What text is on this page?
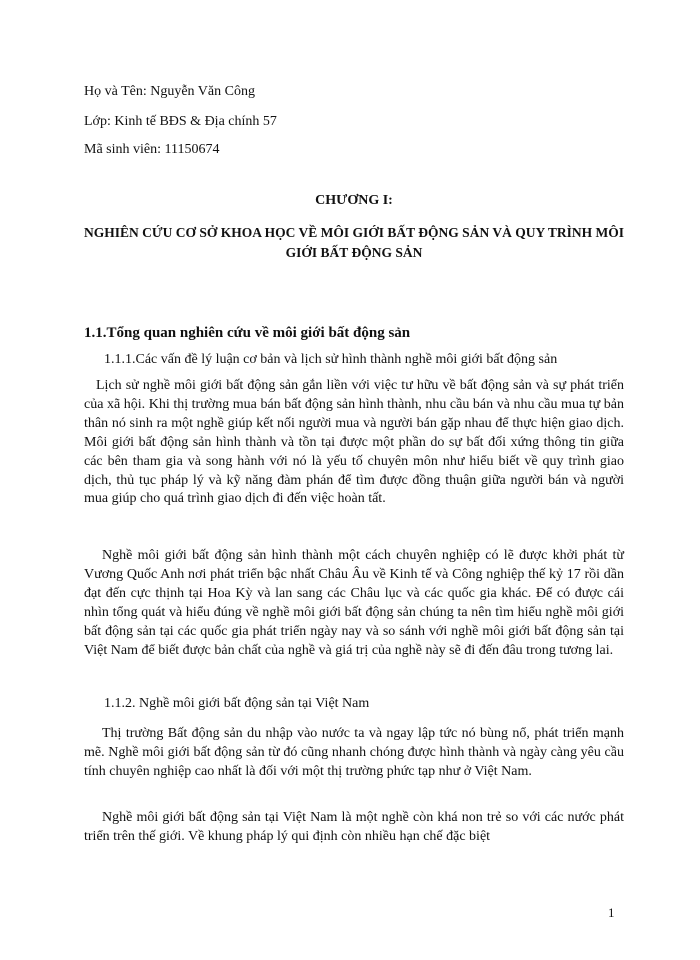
Họ và Tên: Nguyễn Văn Công
Lớp: Kinh tế BĐS & Địa chính 57
Mã sinh viên: 11150674
CHƯƠNG I:
NGHIÊN CỨU CƠ SỞ KHOA HỌC VỀ MÔI GIỚI BẤT ĐỘNG SẢN VÀ QUY TRÌNH MÔI GIỚI BẤT ĐỘNG SẢN
1.1.Tổng quan nghiên cứu về môi giới bất động sản
1.1.1.Các vấn đề lý luận cơ bản và lịch sử hình thành nghề môi giới bất động sản

Lịch sử nghề môi giới bất động sản gắn liền với việc tư hữu về bất động sản và sự phát triển của xã hội. Khi thị trường mua bán bất động sản hình thành, nhu cầu bán và nhu cầu mua tự bản thân nó sinh ra một nghề giúp kết nối người mua và người bán gặp nhau để thực hiện giao dịch. Môi giới bất động sản hình thành và tồn tại được một phần do sự bất đối xứng thông tin giữa các bên tham gia và song hành với nó là yếu tố chuyên môn như hiểu biết về quy trình giao dịch, thủ tục pháp lý và kỹ năng đàm phán để tìm được đồng thuận giữa người bán và người mua giúp cho quá trình giao dịch đi đến việc hoàn tất.

Nghề môi giới bất động sản hình thành một cách chuyên nghiệp có lẽ được khởi phát từ Vương Quốc Anh nơi phát triển bậc nhất Châu Âu về Kinh tế và Công nghiệp thế kỷ 17 rồi dần đạt đến cực thịnh tại Hoa Kỳ và lan sang các Châu lục và các quốc gia khác. Để có được cái nhìn tổng quát và hiểu đúng về nghề môi giới bất động sản chúng ta nên tìm hiểu nghề môi giới bất động sản tại các quốc gia phát triển ngày nay và so sánh với nghề môi giới bất động sản tại Việt Nam để biết được bản chất của nghề và giá trị của nghề này sẽ đi đến đâu trong tương lai.

1.1.2. Nghề môi giới bất động sản tại Việt Nam

Thị trường Bất động sản du nhập vào nước ta và ngay lập tức nó bùng nổ, phát triển mạnh mẽ. Nghề môi giới bất động sản từ đó cũng nhanh chóng được hình thành và ngày càng yêu cầu tính chuyên nghiệp cao nhất là đối với một thị trường phức tạp như ở Việt Nam.

Nghề môi giới bất động sản tại Việt Nam là một nghề còn khá non trẻ so với các nước phát triển trên thế giới. Về khung pháp lý qui định còn nhiều hạn chế đặc biệt

1
